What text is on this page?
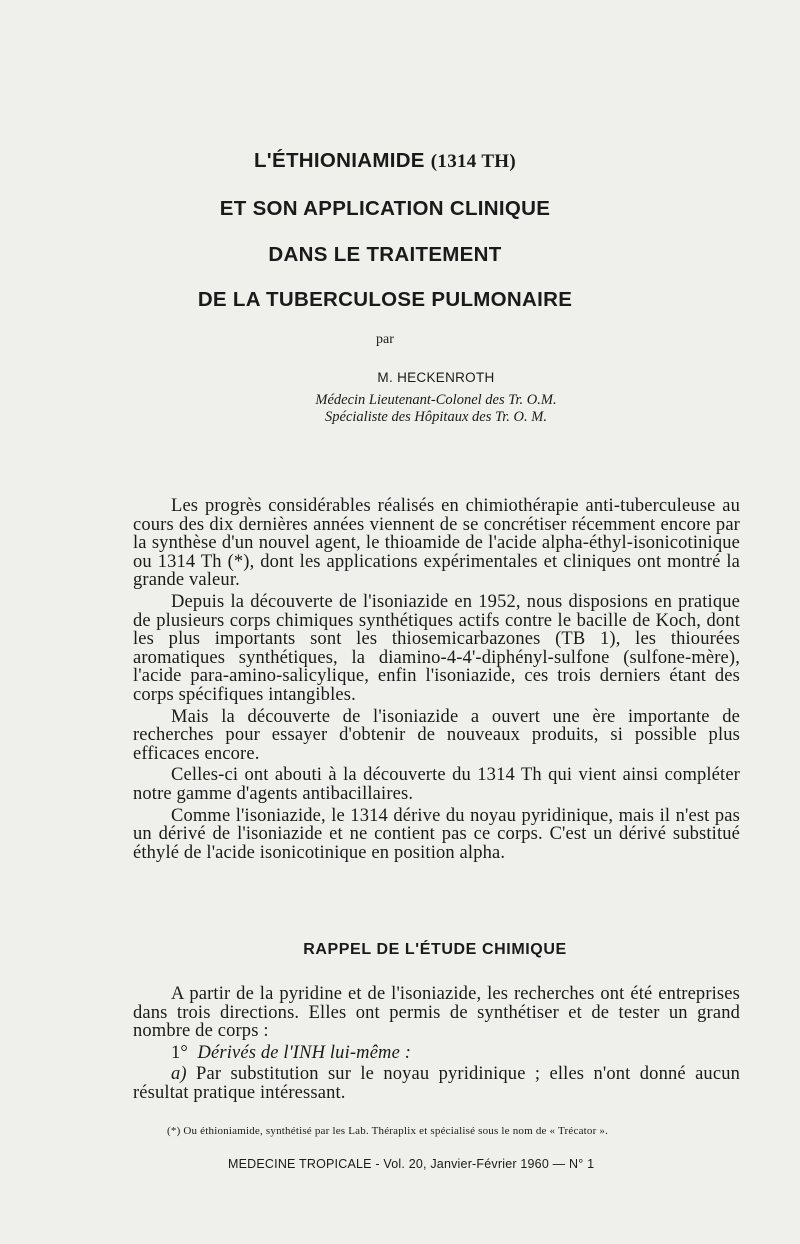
L'ÉTHIONIAMIDE (1314 TH)
ET SON APPLICATION CLINIQUE
DANS LE TRAITEMENT
DE LA TUBERCULOSE PULMONAIRE

par

M. HECKENROTH

Médecin Lieutenant-Colonel des Tr. O.M.

Spécialiste des Hôpitaux des Tr. O. M.

Les progrès considérables réalisés en chimiothérapie anti-tuberculeuse au cours des dix dernières années viennent de se concrétiser récemment encore par la synthèse d'un nouvel agent, le thioamide de l'acide alpha-éthyl-isonicotinique ou 1314 Th (*), dont les applications expérimentales et cliniques ont montré la grande valeur.

Depuis la découverte de l'isoniazide en 1952, nous disposions en pratique de plusieurs corps chimiques synthétiques actifs contre le bacille de Koch, dont les plus importants sont les thiosemicarbazones (TB 1), les thiourées aromatiques synthétiques, la diamino-4-4'-diphényl-sulfone (sulfone-mère), l'acide para-amino-salicylique, enfin l'isoniazide, ces trois derniers étant des corps spécifiques intangibles.

Mais la découverte de l'isoniazide a ouvert une ère importante de recherches pour essayer d'obtenir de nouveaux produits, si possible plus efficaces encore.

Celles-ci ont abouti à la découverte du 1314 Th qui vient ainsi compléter notre gamme d'agents antibacillaires.

Comme l'isoniazide, le 1314 dérive du noyau pyridinique, mais il n'est pas un dérivé de l'isoniazide et ne contient pas ce corps. C'est un dérivé substitué éthylé de l'acide isonicotinique en position alpha.

RAPPEL DE L'ÉTUDE CHIMIQUE

A partir de la pyridine et de l'isoniazide, les recherches ont été entreprises dans trois directions. Elles ont permis de synthétiser et de tester un grand nombre de corps :

1° Dérivés de l'INH lui-même :

a) Par substitution sur le noyau pyridinique ; elles n'ont donné aucun résultat pratique intéressant.

(*) Ou éthioniamide, synthétisé par les Lab. Théraplix et spécialisé sous le nom de « Trécator ».

MEDECINE TROPICALE - Vol. 20, Janvier-Février 1960 — N° 1
